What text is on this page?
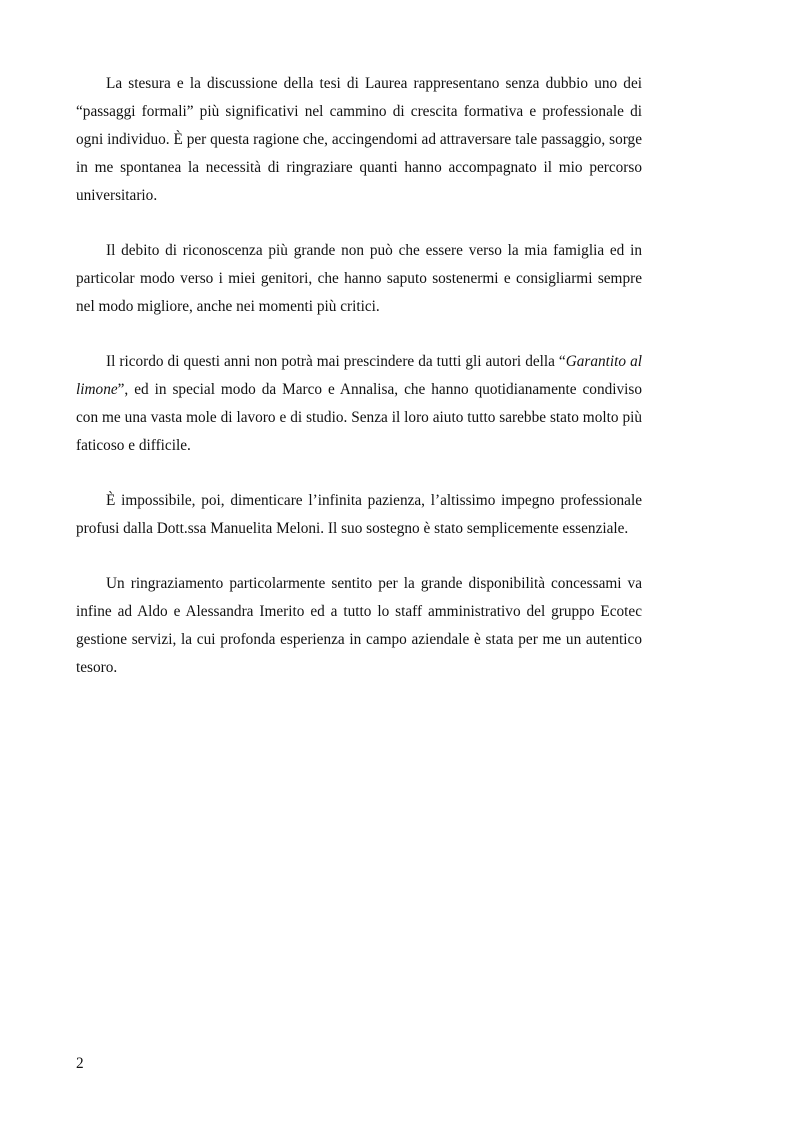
La stesura e la discussione della tesi di Laurea rappresentano senza dubbio uno dei “passaggi formali” più significativi nel cammino di crescita formativa e professionale di ogni individuo. È per questa ragione che, accingendomi ad attraversare tale passaggio, sorge in me spontanea la necessità di ringraziare quanti hanno accompagnato il mio percorso universitario.

Il debito di riconoscenza più grande non può che essere verso la mia famiglia ed in particolar modo verso i miei genitori, che hanno saputo sostenermi e consigliarmi sempre nel modo migliore, anche nei momenti più critici.

Il ricordo di questi anni non potrà mai prescindere da tutti gli autori della “Garantito al limone”, ed in special modo da Marco e Annalisa, che hanno quotidianamente condiviso con me una vasta mole di lavoro e di studio. Senza il loro aiuto tutto sarebbe stato molto più faticoso e difficile.

È impossibile, poi, dimenticare l’infinita pazienza, l’altissimo impegno professionale profusi dalla Dott.ssa Manuelita Meloni. Il suo sostegno è stato semplicemente essenziale.

Un ringraziamento particolarmente sentito per la grande disponibilità concessami va infine ad Aldo e Alessandra Imerito ed a tutto lo staff amministrativo del gruppo Ecotec gestione servizi, la cui profonda esperienza in campo aziendale è stata per me un autentico tesoro.

2
